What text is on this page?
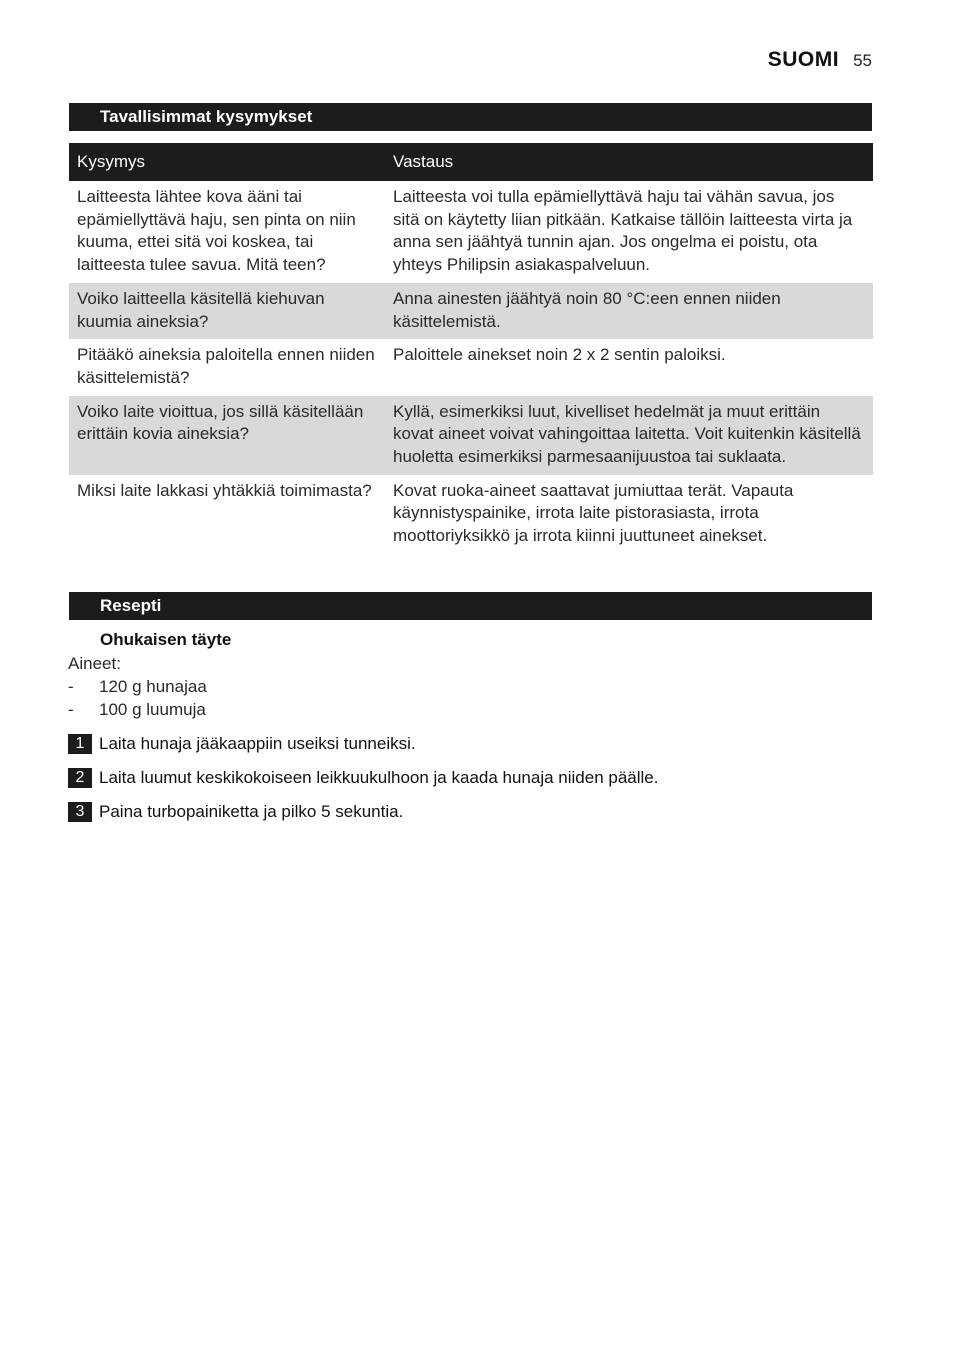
SUOMI 55
Tavallisimmat kysymykset
Kysymys	Vastaus
Laitteesta lähtee kova ääni tai epämiellyttävä haju, sen pinta on niin kuuma, ettei sitä voi koskea, tai laitteesta tulee savua. Mitä teen?	Laitteesta voi tulla epämiellyttävä haju tai vähän savua, jos sitä on käytetty liian pitkään. Katkaise tällöin laitteesta virta ja anna sen jäähtyä tunnin ajan. Jos ongelma ei poistu, ota yhteys Philipsin asiakaspalveluun.
Voiko laitteella käsitellä kiehuvan kuumia aineksia?	Anna ainesten jäähtyä noin 80 °C:een ennen niiden käsittelemistä.
Pitääkö aineksia paloitella ennen niiden käsittelemistä?	Paloittele ainekset noin 2 x 2 sentin paloiksi.
Voiko laite vioittua, jos sillä käsitellään erittäin kovia aineksia?	Kyllä, esimerkiksi luut, kivelliset hedelmät ja muut erittäin kovat aineet voivat vahingoittaa laitetta. Voit kuitenkin käsitellä huoletta esimerkiksi parmesaanijuustoa tai suklaata.
Miksi laite lakkasi yhtäkkiä toimimasta?	Kovat ruoka-aineet saattavat jumiuttaa terät. Vapauta käynnistyspainike, irrota laite pistorasiasta, irrota moottoriyksikkö ja irrota kiinni juuttuneet ainekset.
Resepti
Ohukaisen täyte
Aineet:
- 120 g hunajaa
- 100 g luumuja
1 Laita hunaja jääkaappiin useiksi tunneiksi.
2 Laita luumut keskikokoiseen leikkuukulhoon ja kaada hunaja niiden päälle.
3 Paina turbopainiketta ja pilko 5 sekuntia.
